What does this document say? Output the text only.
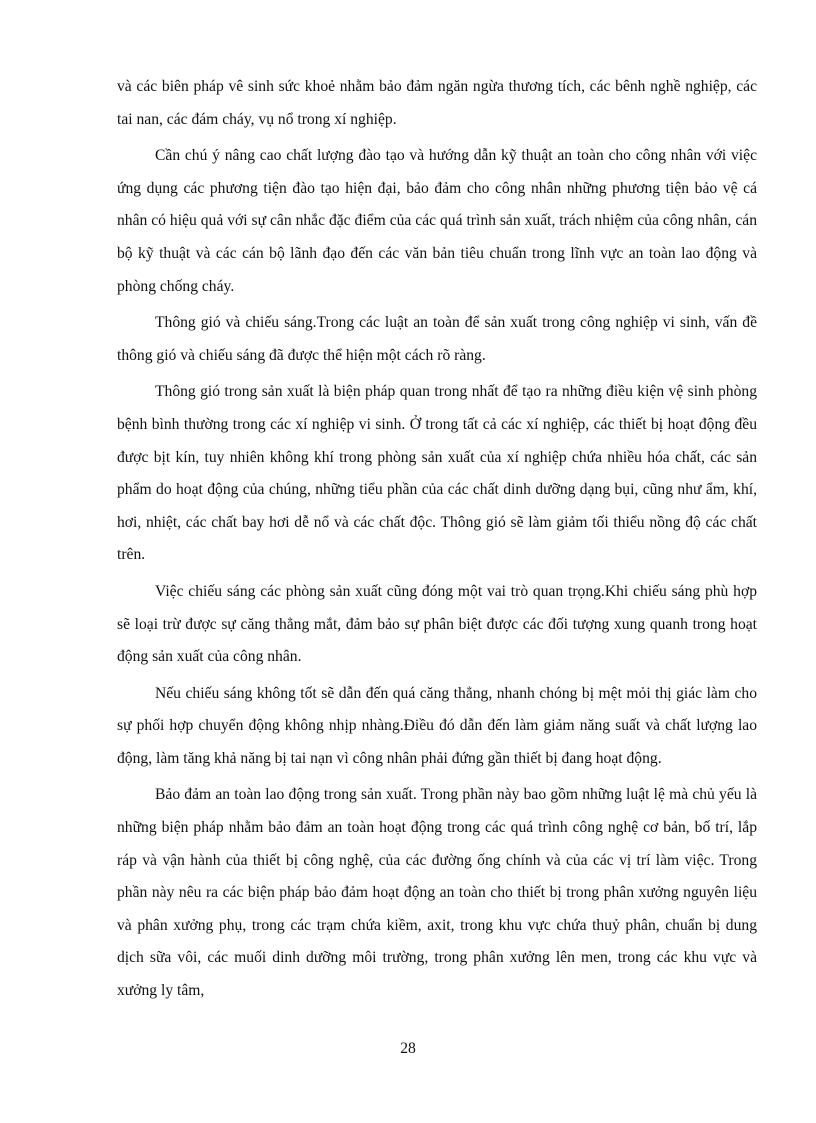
và các biên pháp vê sinh sức khoẻ nhằm bảo đảm ngăn ngừa thương tích, các bênh nghề nghiệp, các tai nan, các đám cháy, vụ nổ trong xí nghiệp.

Cần chú ý nâng cao chất lượng đào tạo và hướng dẫn kỹ thuật an toàn cho công nhân với việc ứng dụng các phương tiện đào tạo hiện đại, bảo đảm cho công nhân những phương tiện bảo vệ cá nhân có hiệu quả với sự cân nhắc đặc điểm của các quá trình sản xuất, trách nhiệm của công nhân, cán bộ kỹ thuật và các cán bộ lãnh đạo đến các văn bản tiêu chuẩn trong lĩnh vực an toàn lao động và phòng chống cháy.

Thông gió và chiếu sáng.Trong các luật an toàn để sản xuất trong công nghiệp vi sinh, vấn đề thông gió và chiếu sáng đã được thể hiện một cách rõ ràng.

Thông gió trong sản xuất là biện pháp quan trong nhất để tạo ra những điều kiện vệ sinh phòng bệnh bình thường trong các xí nghiệp vi sinh. Ở trong tất cả các xí nghiệp, các thiết bị hoạt động đều được bịt kín, tuy nhiên không khí trong phòng sản xuất của xí nghiệp chứa nhiều hóa chất, các sản phẩm do hoạt động của chúng, những tiểu phần của các chất dinh dưỡng dạng bụi, cũng như ẩm, khí, hơi, nhiệt, các chất bay hơi dễ nổ và các chất độc. Thông gió sẽ làm giảm tối thiểu nồng độ các chất trên.

Việc chiếu sáng các phòng sản xuất cũng đóng một vai trò quan trọng.Khi chiếu sáng phù hợp sẽ loại trừ được sự căng thẳng mắt, đảm bảo sự phân biệt được các đối tượng xung quanh trong hoạt động sản xuất của công nhân.

Nếu chiếu sáng không tốt sẽ dẫn đến quá căng thẳng, nhanh chóng bị mệt mỏi thị giác làm cho sự phối hợp chuyển động không nhịp nhàng.Điều đó dẫn đến làm giảm năng suất và chất lượng lao động, làm tăng khả năng bị tai nạn vì công nhân phải đứng gần thiết bị đang hoạt động.

Bảo đảm an toàn lao động trong sản xuất. Trong phần này bao gồm những luật lệ mà chủ yếu là những biện pháp nhằm bảo đảm an toàn hoạt động trong các quá trình công nghệ cơ bản, bố trí, lắp ráp và vận hành của thiết bị công nghệ, của các đường ống chính và của các vị trí làm việc. Trong phần này nêu ra các biện pháp bảo đảm hoạt động an toàn cho thiết bị trong phân xưởng nguyên liệu và phân xưởng phụ, trong các trạm chứa kiềm, axit, trong khu vực chứa thuỷ phân, chuẩn bị dung dịch sữa vôi, các muối dinh dưỡng môi trường, trong phân xưởng lên men, trong các khu vực và xưởng ly tâm,

28
